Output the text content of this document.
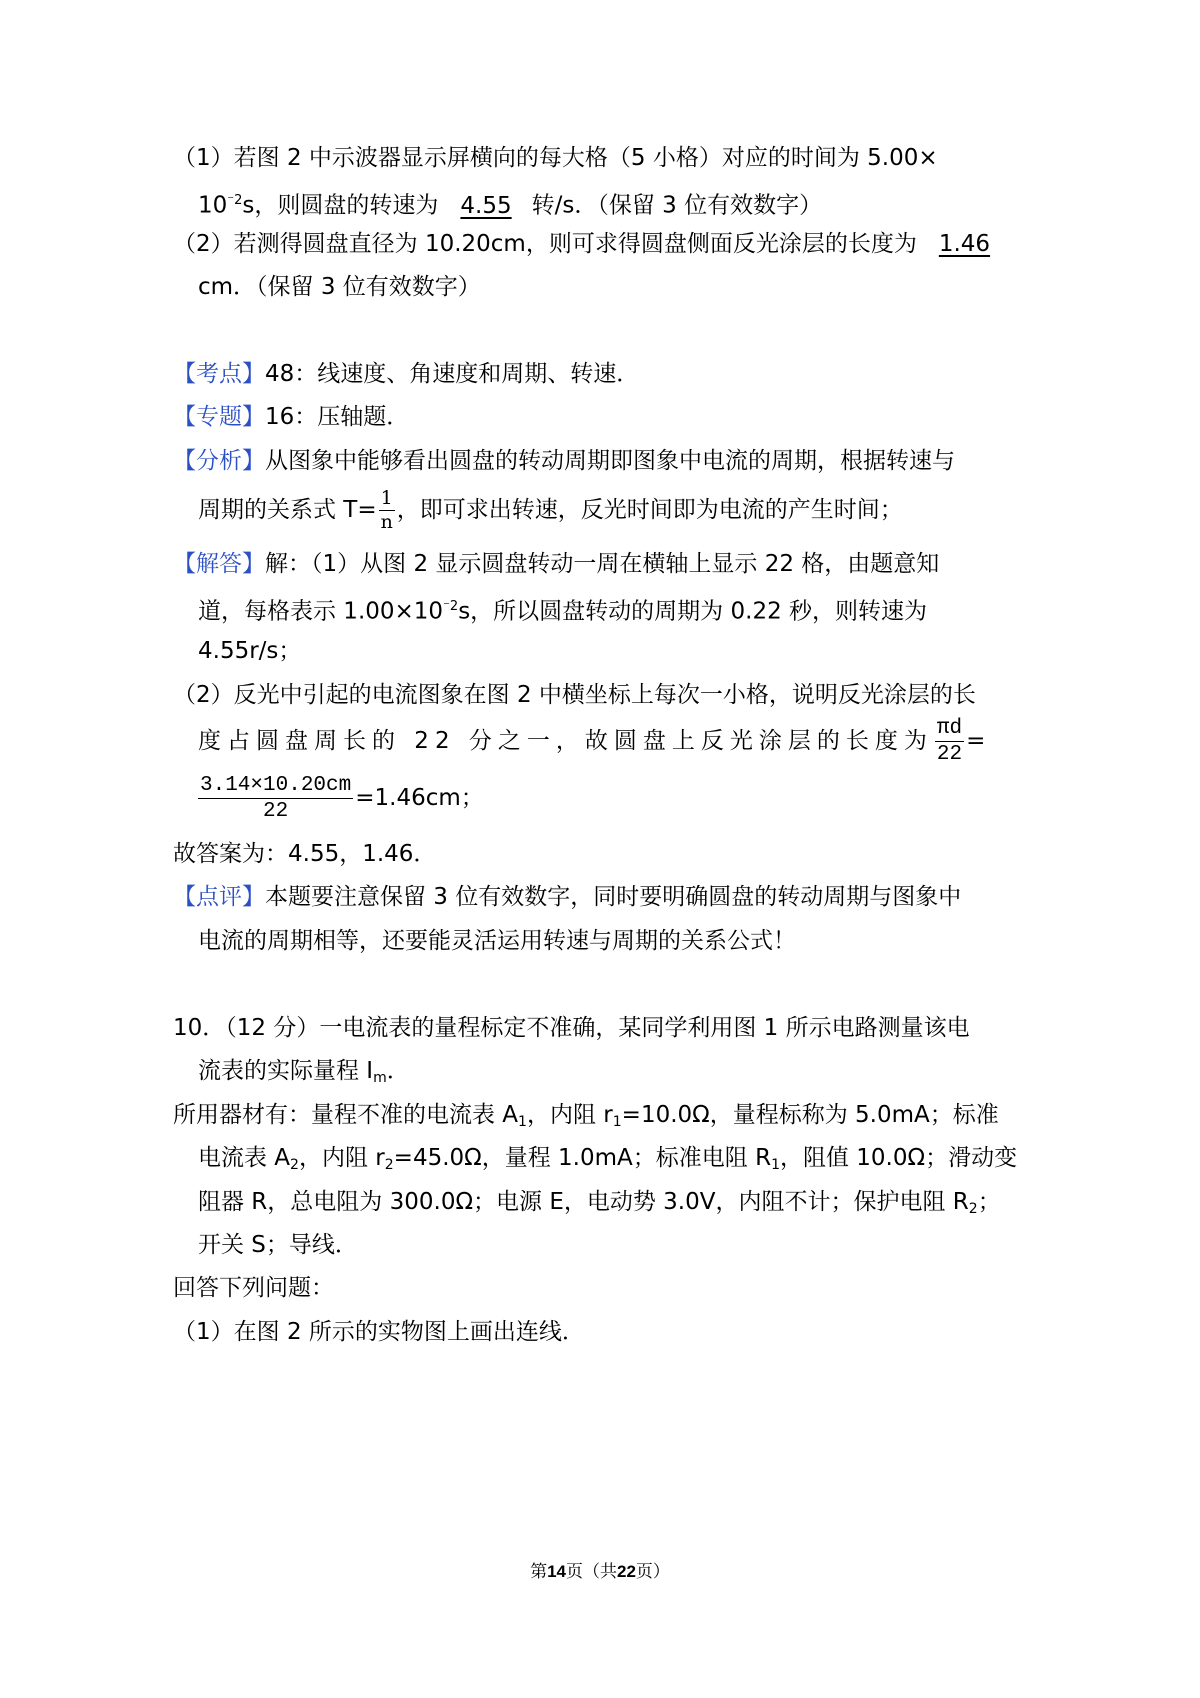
（1）若图 2 中示波器显示屏横向的每大格（5 小格）对应的时间为 5.00×
$10^{^-2}s$，则圆盘的转速为 4.55 转/s．（保留 3 位有效数字）
（2）若测得圆盘直径为 10.20cm，则可求得圆盘侧面反光涂层的长度为 1.46
cm．（保留 3 位有效数字）
【考点】48：线速度、角速度和周期、转速．
【专题】16：压轴题．
【分析】从图象中能够看出圆盘的转动周期即图象中电流的周期，根据转速与
周期的关系式 $T= \frac{1}{n}$ ，即可求出转速，反光时间即为电流的产生时间；
【解答】解：（1）从图 2 显示圆盘转动一周在横轴上显示 22 格，由题意知
道，每格表示 $1.00\times 10^{^-2}s$，所以圆盘转动的周期为 0.22 秒，则转速为
4.55r/s；
（2）反光中引起的电流图象在图 2 中横坐标上每次一小格，说明反光涂层的长
度占圆盘周长的 22 分之一，故圆盘上反光涂层的长度为 $\frac{\pi d}{22}$ =
$\frac{3.14\times 10.20cm}{22} =1.46cm$；
故答案为：4.55，1.46．
【点评】本题要注意保留 3 位有效数字，同时要明确圆盘的转动周期与图象中
电流的周期相等，还要能灵活运用转速与周期的关系公式！
10．（12 分）一电流表的量程标定不准确，某同学利用图 1 所示电路测量该电
流表的实际量程 $I_m$．
所用器材有：量程不准的电流表 $A_1$，内阻 $r_1=10.0\Omega$，量程标称为 5.0mA；标准
电流表 $A_2$，内阻 $r_2=45.0\Omega$，量程 1.0mA；标准电阻 $R_1$，阻值 10.0Ω；滑动变
阻器 R，总电阻为 300.0Ω；电源 E，电动势 3.0V，内阻不计；保护电阻 $R_2$；
开关 S；导线．
回答下列问题：
（1）在图 2 所示的实物图上画出连线．
第14页（共22页）
